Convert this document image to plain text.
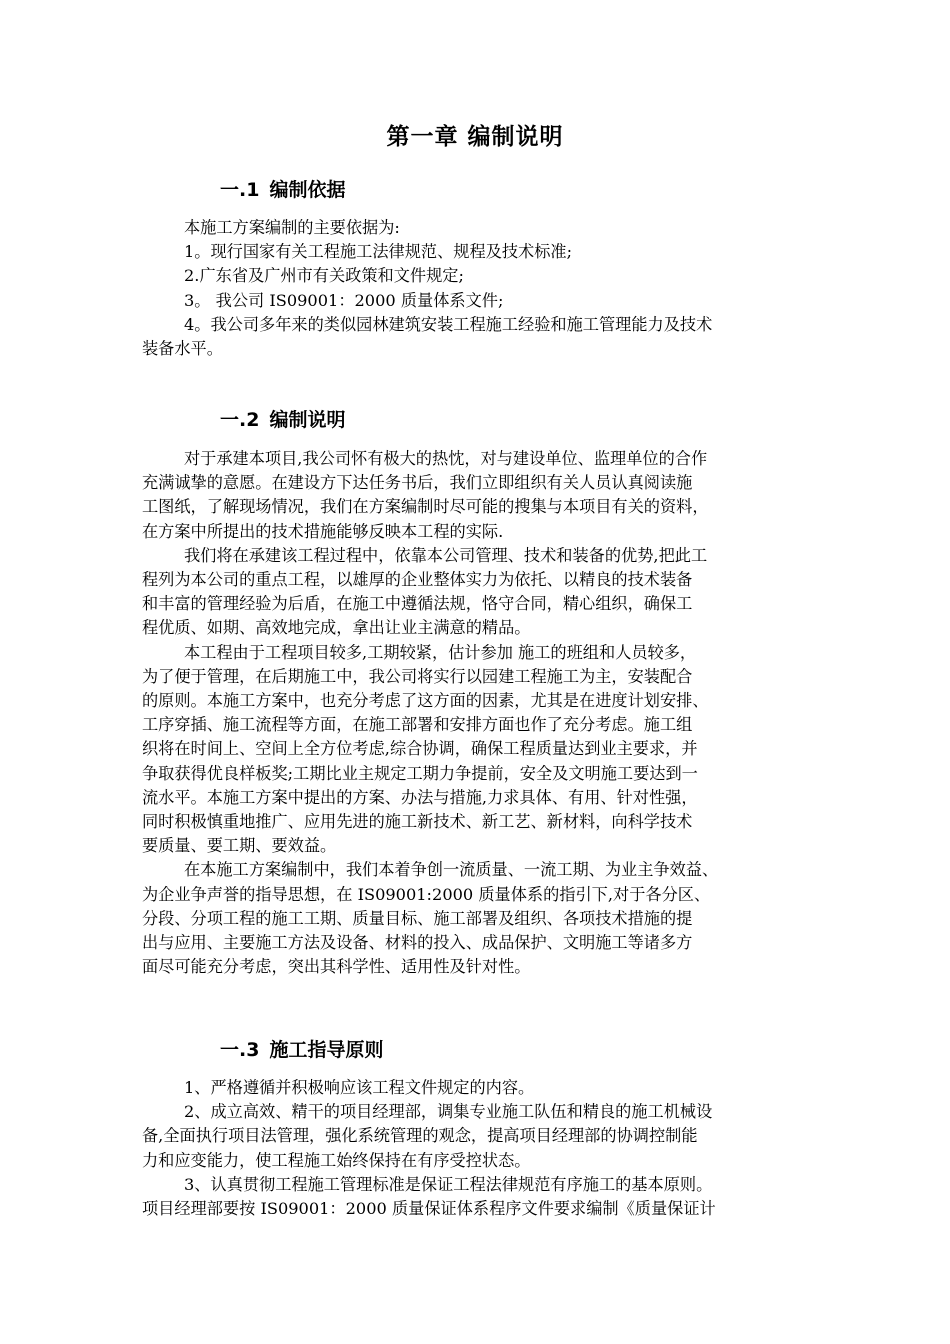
第一章 编制说明
一.1 编制依据

本施工方案编制的主要依据为:

1。现行国家有关工程施工法律规范、规程及技术标准;

2.广东省及广州市有关政策和文件规定;

3。 我公司 IS09001：2000 质量体系文件;

4。我公司多年来的类似园林建筑安装工程施工经验和施工管理能力及技术

装备水平。

一.2 编制说明

对于承建本项目,我公司怀有极大的热忱，对与建设单位、监理单位的合作

充满诚挚的意愿。在建设方下达任务书后，我们立即组织有关人员认真阅读施

工图纸，了解现场情况，我们在方案编制时尽可能的搜集与本项目有关的资料，

在方案中所提出的技术措施能够反映本工程的实际.

我们将在承建该工程过程中，依靠本公司管理、技术和装备的优势,把此工

程列为本公司的重点工程，以雄厚的企业整体实力为依托、以精良的技术装备

和丰富的管理经验为后盾，在施工中遵循法规，恪守合同，精心组织，确保工

程优质、如期、高效地完成，拿出让业主满意的精品。

本工程由于工程项目较多,工期较紧，估计参加 施工的班组和人员较多，

为了便于管理，在后期施工中，我公司将实行以园建工程施工为主，安装配合

的原则。本施工方案中，也充分考虑了这方面的因素，尤其是在进度计划安排、

工序穿插、施工流程等方面，在施工部署和安排方面也作了充分考虑。施工组

织将在时间上、空间上全方位考虑,综合协调，确保工程质量达到业主要求，并

争取获得优良样板奖;工期比业主规定工期力争提前，安全及文明施工要达到一

流水平。本施工方案中提出的方案、办法与措施,力求具体、有用、针对性强，

同时积极慎重地推广、应用先进的施工新技术、新工艺、新材料，向科学技术

要质量、要工期、要效益。

在本施工方案编制中，我们本着争创一流质量、一流工期、为业主争效益、

为企业争声誉的指导思想，在 IS09001:2000 质量体系的指引下,对于各分区、

分段、分项工程的施工工期、质量目标、施工部署及组织、各项技术措施的提

出与应用、主要施工方法及设备、材料的投入、成品保护、文明施工等诸多方

面尽可能充分考虑，突出其科学性、适用性及针对性。

一.3 施工指导原则

1、严格遵循并积极响应该工程文件规定的内容。

2、成立高效、精干的项目经理部，调集专业施工队伍和精良的施工机械设

备,全面执行项目法管理，强化系统管理的观念，提高项目经理部的协调控制能

力和应变能力，使工程施工始终保持在有序受控状态。

3、认真贯彻工程施工管理标准是保证工程法律规范有序施工的基本原则。

项目经理部要按 IS09001：2000 质量保证体系程序文件要求编制《质量保证计
